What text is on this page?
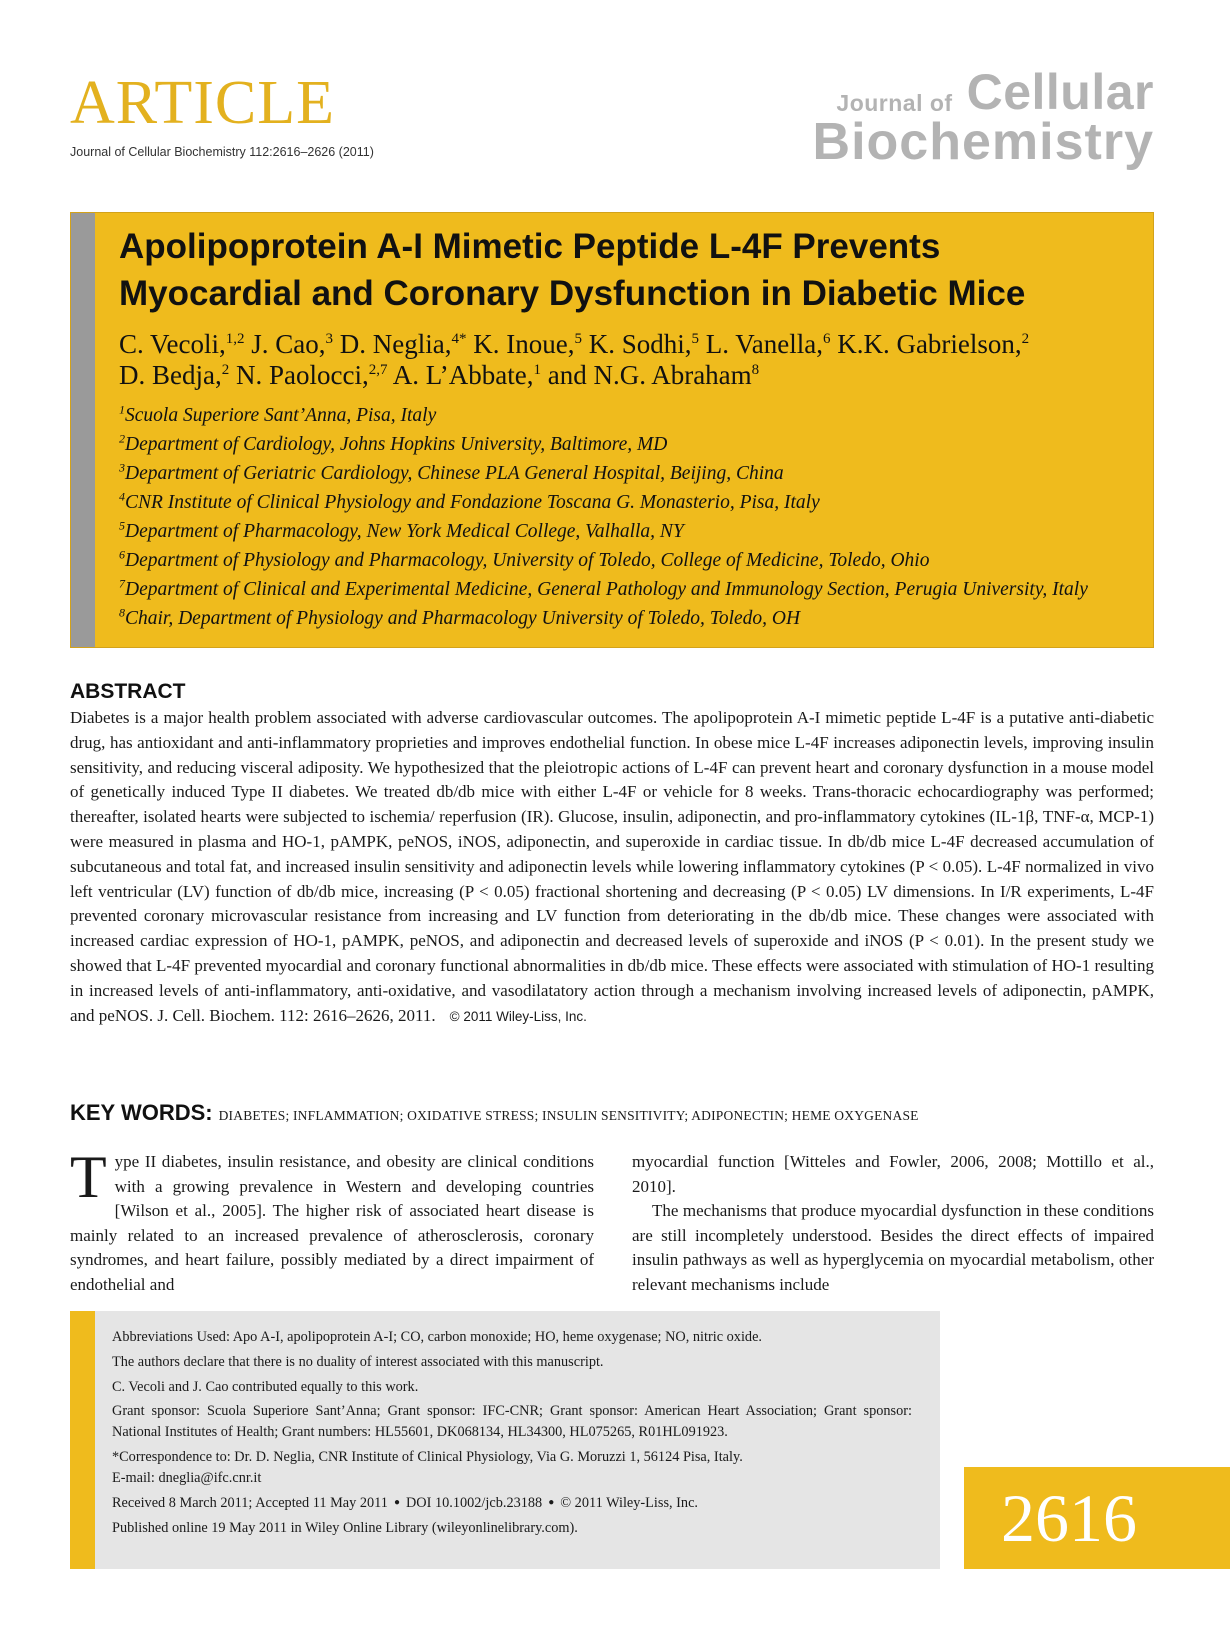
ARTICLE
Journal of Cellular Biochemistry 112:2616–2626 (2011)
Journal of Cellular
Biochemistry
Apolipoprotein A-I Mimetic Peptide L-4F Prevents
Myocardial and Coronary Dysfunction in Diabetic Mice
C. Vecoli,$^{1,2}$ J. Cao,$^3$ D. Neglia,$^{4*}$ K. Inoue,$^5$ K. Sodhi,$^5$ L. Vanella,$^6$ K.K. Gabrielson,$^2$
D. Bedja,$^2$ N. Paolocci,$^{2,7}$ A. L’Abbate,$^1$ and N.G. Abraham$^8$
$^1$Scuola Superiore Sant’Anna, Pisa, Italy
$^2$Department of Cardiology, Johns Hopkins University, Baltimore, MD
$^3$Department of Geriatric Cardiology, Chinese PLA General Hospital, Beijing, China
$^4$CNR Institute of Clinical Physiology and Fondazione Toscana G. Monasterio, Pisa, Italy
$^5$Department of Pharmacology, New York Medical College, Valhalla, NY
$^6$Department of Physiology and Pharmacology, University of Toledo, College of Medicine, Toledo, Ohio
$^7$Department of Clinical and Experimental Medicine, General Pathology and Immunology Section, Perugia University, Italy
$^8$Chair, Department of Physiology and Pharmacology University of Toledo, Toledo, OH
ABSTRACT
Diabetes is a major health problem associated with adverse cardiovascular outcomes. The apolipoprotein A-I mimetic peptide L-4F is a putative anti-diabetic drug, has antioxidant and anti-inflammatory proprieties and improves endothelial function. In obese mice L-4F increases adiponectin levels, improving insulin sensitivity, and reducing visceral adiposity. We hypothesized that the pleiotropic actions of L-4F can prevent heart and coronary dysfunction in a mouse model of genetically induced Type II diabetes. We treated db/db mice with either L-4F or vehicle for 8 weeks. Trans-thoracic echocardiography was performed; thereafter, isolated hearts were subjected to ischemia/ reperfusion (IR). Glucose, insulin, adiponectin, and pro-inflammatory cytokines (IL-1β, TNF-α, MCP-1) were measured in plasma and HO-1, pAMPK, peNOS, iNOS, adiponectin, and superoxide in cardiac tissue. In db/db mice L-4F decreased accumulation of subcutaneous and total fat, and increased insulin sensitivity and adiponectin levels while lowering inflammatory cytokines (P < 0.05). L-4F normalized in vivo left ventricular (LV) function of db/db mice, increasing (P < 0.05) fractional shortening and decreasing (P < 0.05) LV dimensions. In I/R experiments, L-4F prevented coronary microvascular resistance from increasing and LV function from deteriorating in the db/db mice. These changes were associated with increased cardiac expression of HO-1, pAMPK, peNOS, and adiponectin and decreased levels of superoxide and iNOS (P < 0.01). In the present study we showed that L-4F prevented myocardial and coronary functional abnormalities in db/db mice. These effects were associated with stimulation of HO-1 resulting in increased levels of anti-inflammatory, anti-oxidative, and vasodilatatory action through a mechanism involving increased levels of adiponectin, pAMPK, and peNOS. J. Cell. Biochem. 112: 2616–2626, 2011. © 2011 Wiley-Liss, Inc.
KEY WORDS: DIABETES; INFLAMMATION; OXIDATIVE STRESS; INSULIN SENSITIVITY; ADIPONECTIN; HEME OXYGENASE
Type II diabetes, insulin resistance, and obesity are clinical conditions with a growing prevalence in Western and developing countries [Wilson et al., 2005]. The higher risk of associated heart disease is mainly related to an increased prevalence of atherosclerosis, coronary syndromes, and heart failure, possibly mediated by a direct impairment of endothelial and

myocardial function [Witteles and Fowler, 2006, 2008; Mottillo et al., 2010].

The mechanisms that produce myocardial dysfunction in these conditions are still incompletely understood. Besides the direct effects of impaired insulin pathways as well as hyperglycemia on myocardial metabolism, other relevant mechanisms include

Abbreviations Used: Apo A-I, apolipoprotein A-I; CO, carbon monoxide; HO, heme oxygenase; NO, nitric oxide.
The authors declare that there is no duality of interest associated with this manuscript.
C. Vecoli and J. Cao contributed equally to this work.
Grant sponsor: Scuola Superiore Sant’Anna; Grant sponsor: IFC-CNR; Grant sponsor: American Heart Association; Grant sponsor: National Institutes of Health; Grant numbers: HL55601, DK068134, HL34300, HL075265, R01HL091923.
*Correspondence to: Dr. D. Neglia, CNR Institute of Clinical Physiology, Via G. Moruzzi 1, 56124 Pisa, Italy.
E-mail: dneglia@ifc.cnr.it
Received 8 March 2011; Accepted 11 May 2011 ● DOI 10.1002/jcb.23188 ● © 2011 Wiley-Liss, Inc.
Published online 19 May 2011 in Wiley Online Library (wileyonlinelibrary.com).	2616
